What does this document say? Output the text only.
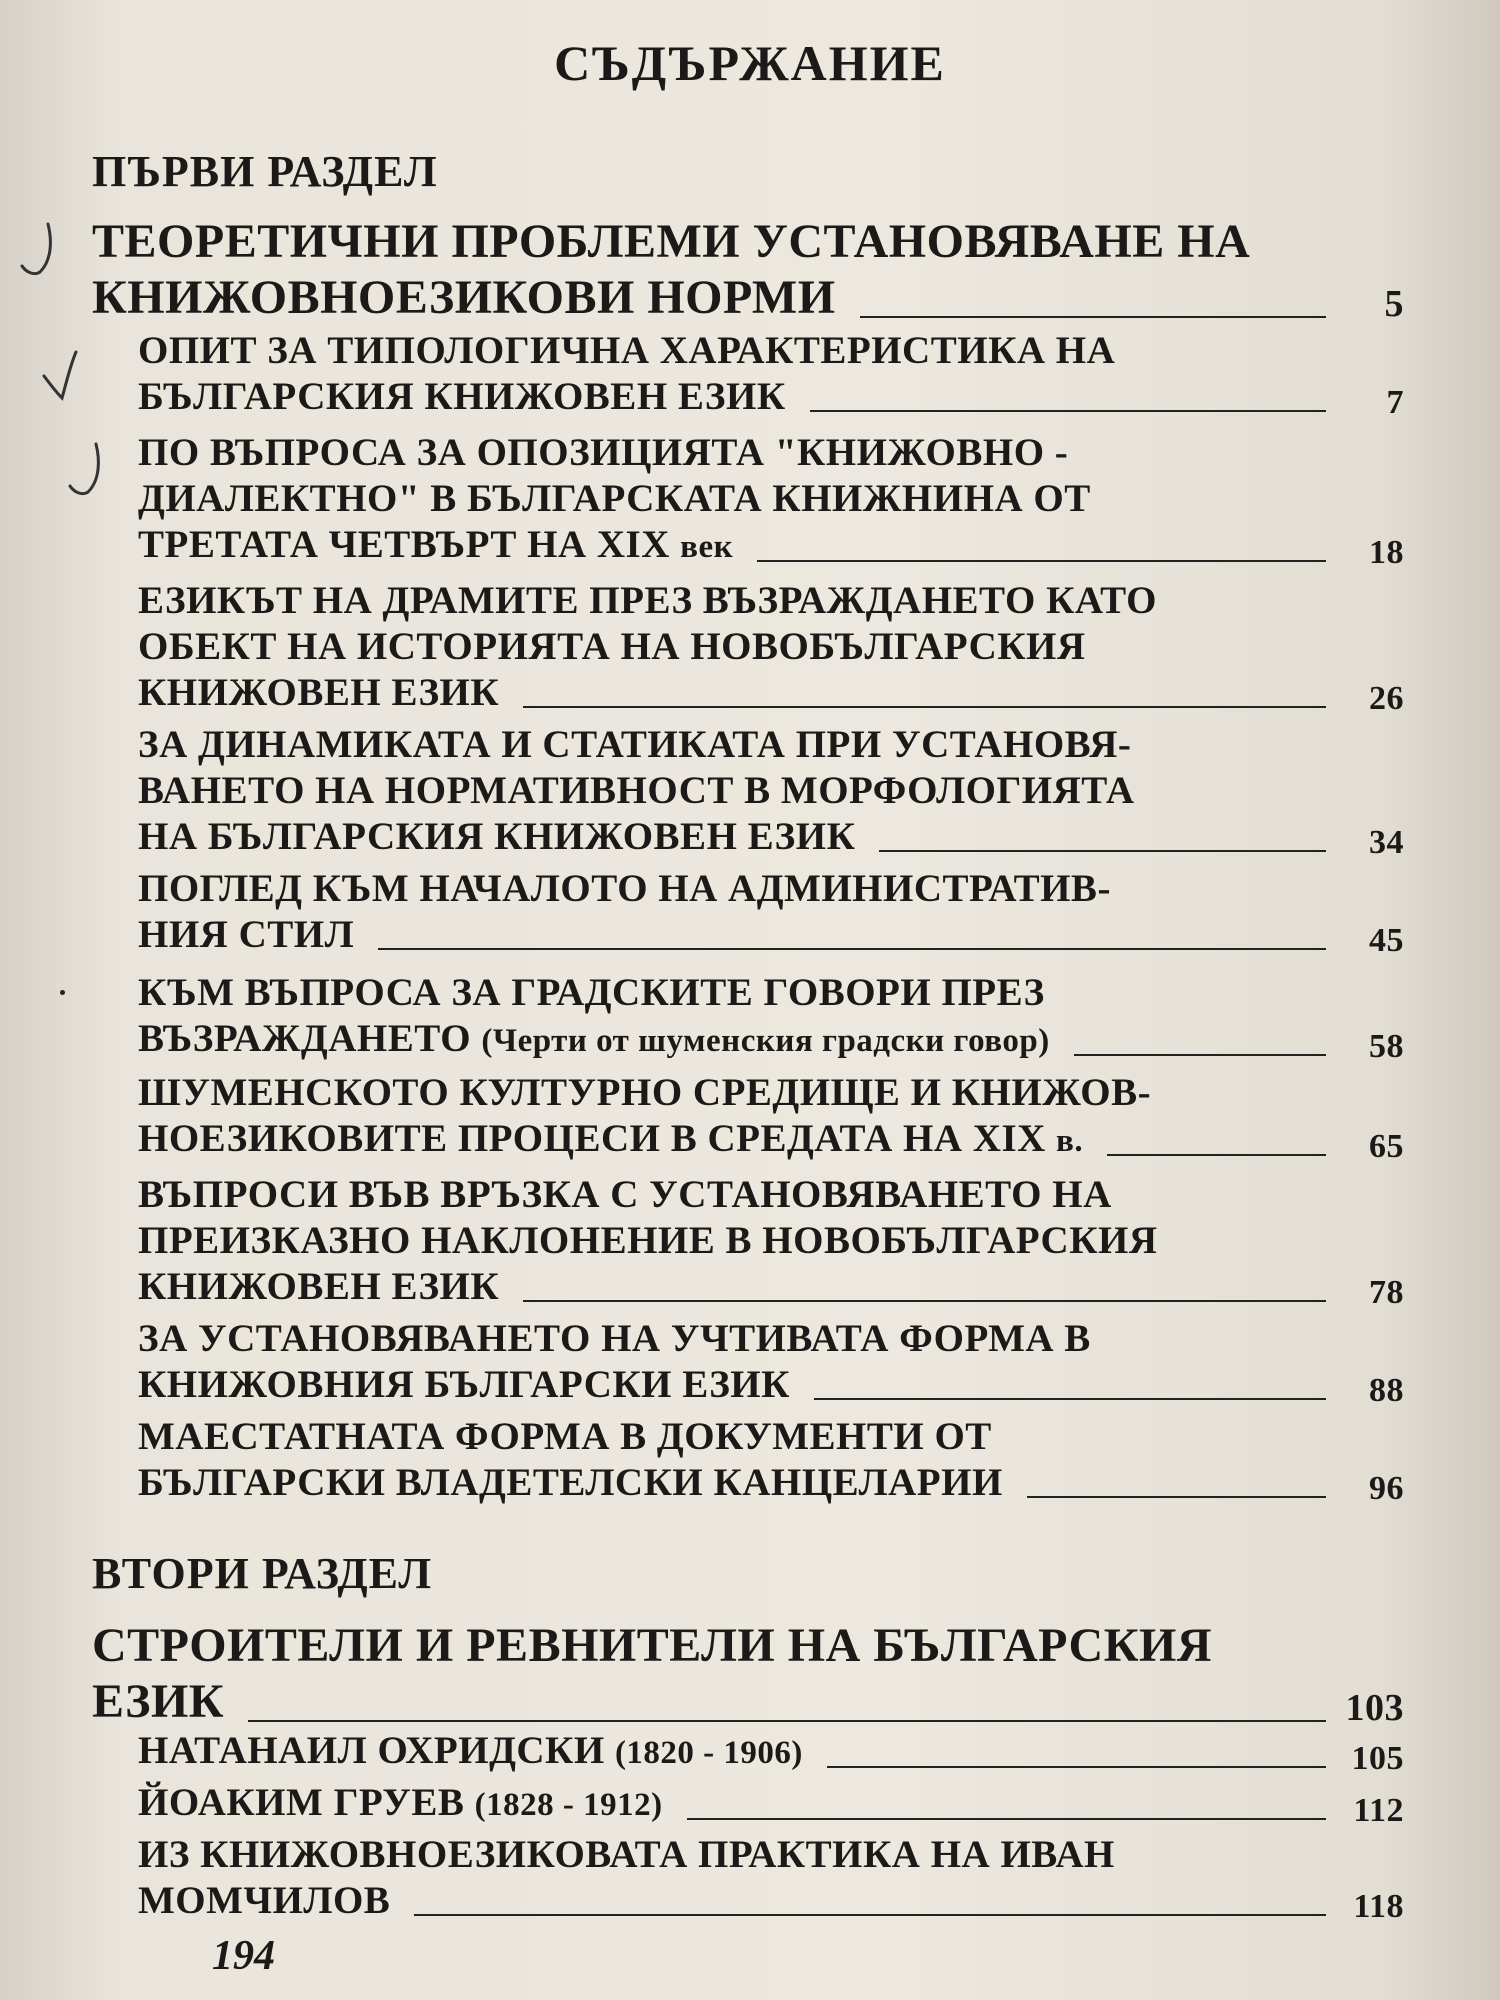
СЪДЪРЖАНИЕ
ПЪРВИ РАЗДЕЛ
ТЕОРЕТИЧНИ ПРОБЛЕМИ УСТАНОВЯВАНЕ НА
КНИЖОВНОЕЗИКОВИ НОРМИ	5
ОПИТ ЗА ТИПОЛОГИЧНА ХАРАКТЕРИСТИКА НА
БЪЛГАРСКИЯ КНИЖОВЕН ЕЗИК	7
ПО ВЪПРОСА ЗА ОПОЗИЦИЯТА "КНИЖОВНО -
ДИАЛЕКТНО" В БЪЛГАРСКАТА КНИЖНИНА ОТ
ТРЕТАТА ЧЕТВЪРТ НА XIX век	18
ЕЗИКЪТ НА ДРАМИТЕ ПРЕЗ ВЪЗРАЖДАНЕТО КАТО
ОБЕКТ НА ИСТОРИЯТА НА НОВОБЪЛГАРСКИЯ
КНИЖОВЕН ЕЗИК	26
ЗА ДИНАМИКАТА И СТАТИКАТА ПРИ УСТАНОВЯ-
ВАНЕТО НА НОРМАТИВНОСТ В МОРФОЛОГИЯТА
НА БЪЛГАРСКИЯ КНИЖОВЕН ЕЗИК	34
ПОГЛЕД КЪМ НАЧАЛОТО НА АДМИНИСТРАТИВ-
НИЯ СТИЛ	45
КЪМ ВЪПРОСА ЗА ГРАДСКИТЕ ГОВОРИ ПРЕЗ
ВЪЗРАЖДАНЕТО (Черти от шуменския градски говор)	58
ШУМЕНСКОТО КУЛТУРНО СРЕДИЩЕ И КНИЖОВ-
НОЕЗИКОВИТЕ ПРОЦЕСИ В СРЕДАТА НА XIX в.	65
ВЪПРОСИ ВЪВ ВРЪЗКА С УСТАНОВЯВАНЕТО НА
ПРЕИЗКАЗНО НАКЛОНЕНИЕ В НОВОБЪЛГАРСКИЯ
КНИЖОВЕН ЕЗИК	78
ЗА УСТАНОВЯВАНЕТО НА УЧТИВАТА ФОРМА В
КНИЖОВНИЯ БЪЛГАРСКИ ЕЗИК	88
МАЕСТАТНАТА ФОРМА В ДОКУМЕНТИ ОТ
БЪЛГАРСКИ ВЛАДЕТЕЛСКИ КАНЦЕЛАРИИ	96
ВТОРИ РАЗДЕЛ
СТРОИТЕЛИ И РЕВНИТЕЛИ НА БЪЛГАРСКИЯ
ЕЗИК	103
НАТАНАИЛ ОХРИДСКИ (1820 - 1906)	105
ЙОАКИМ ГРУЕВ (1828 - 1912)	112
ИЗ КНИЖОВНОЕЗИКОВАТА ПРАКТИКА НА ИВАН
МОМЧИЛОВ	118
194
